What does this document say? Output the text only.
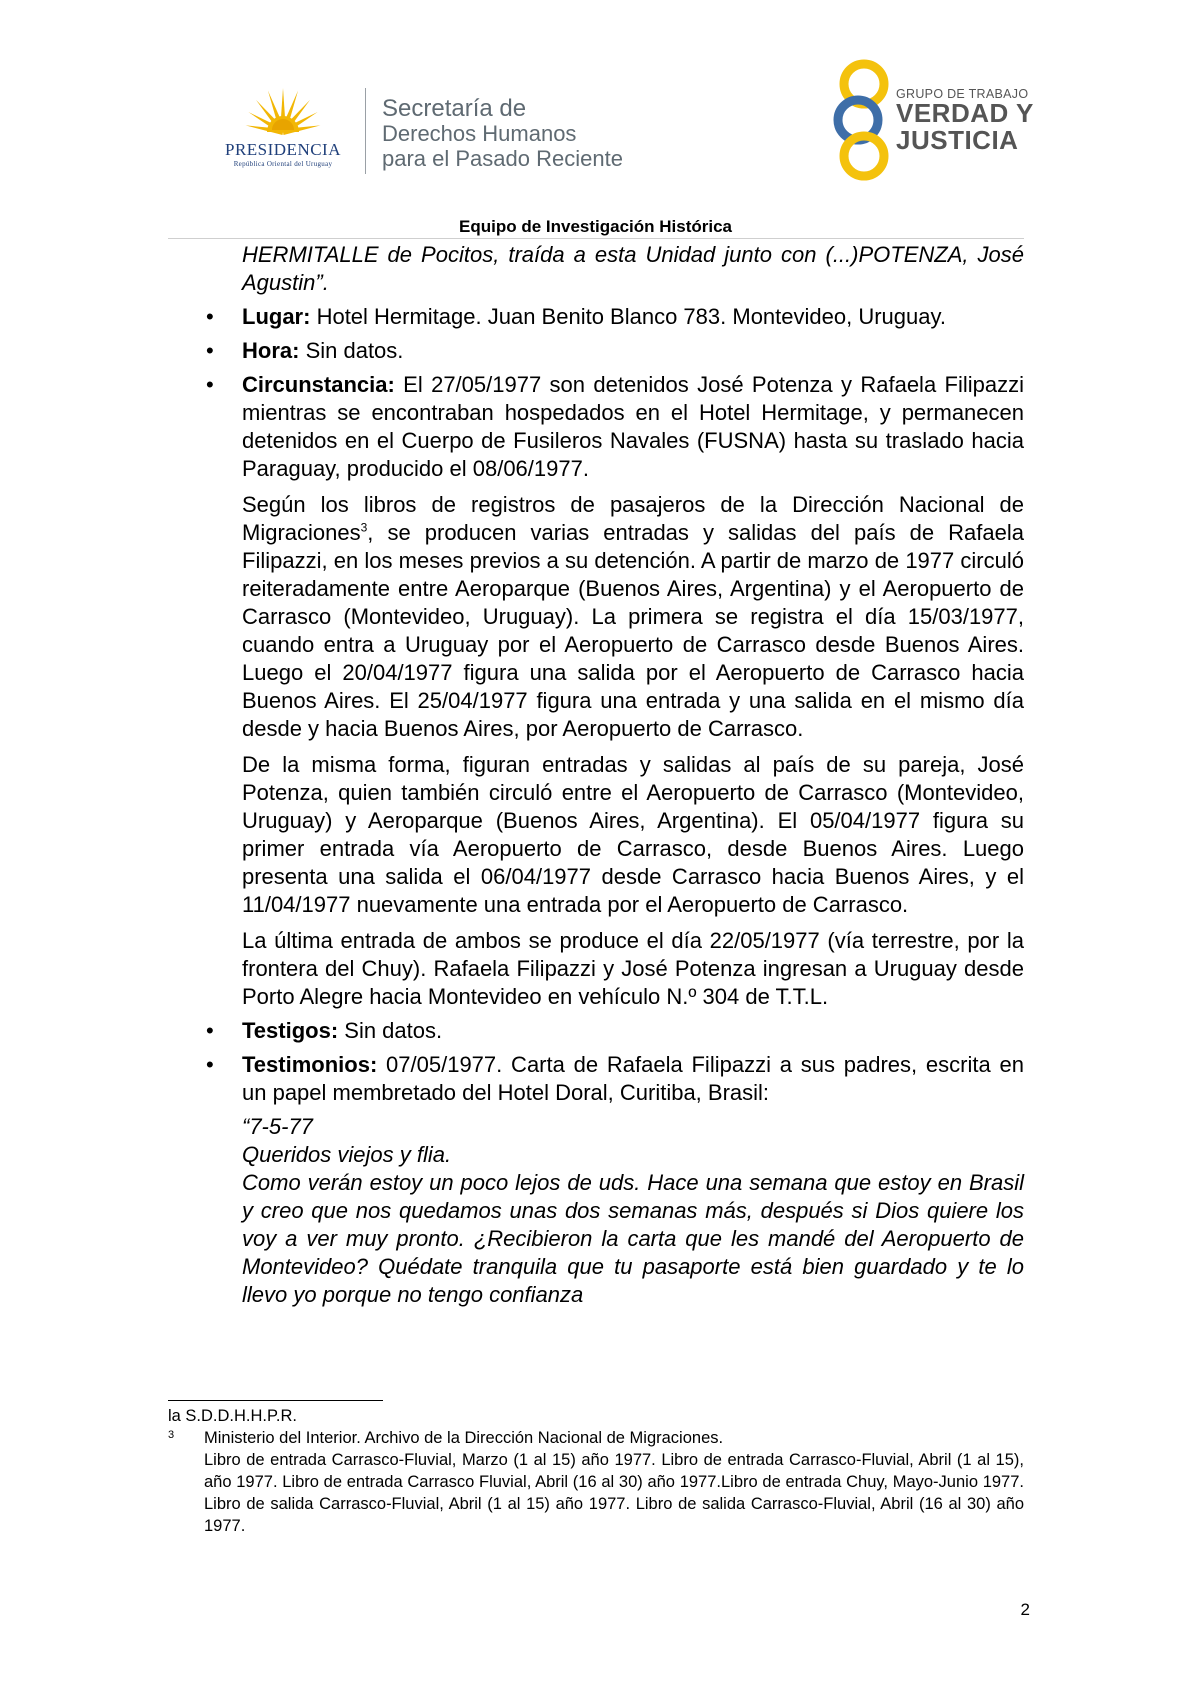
PRESIDENCIA
República Oriental del Uruguay
Secretaría de
Derechos Humanos
para el Pasado Reciente
GRUPO DE TRABAJO
VERDAD Y
JUSTICIA
Equipo de Investigación Histórica

HERMITALLE de Pocitos, traída a esta Unidad junto con (...)POTENZA, José Agustin”.

• Lugar: Hotel Hermitage. Juan Benito Blanco 783. Montevideo, Uruguay.

• Hora: Sin datos.

• Circunstancia: El 27/05/1977 son detenidos José Potenza y Rafaela Filipazzi mientras se encontraban hospedados en el Hotel Hermitage, y permanecen detenidos en el Cuerpo de Fusileros Navales (FUSNA) hasta su traslado hacia Paraguay, producido el 08/06/1977.

Según los libros de registros de pasajeros de la Dirección Nacional de Migraciones$^3$, se producen varias entradas y salidas del país de Rafaela Filipazzi, en los meses previos a su detención. A partir de marzo de 1977 circuló reiteradamente entre Aeroparque (Buenos Aires, Argentina) y el Aeropuerto de Carrasco (Montevideo, Uruguay). La primera se registra el día 15/03/1977, cuando entra a Uruguay por el Aeropuerto de Carrasco desde Buenos Aires. Luego el 20/04/1977 figura una salida por el Aeropuerto de Carrasco hacia Buenos Aires. El 25/04/1977 figura una entrada y una salida en el mismo día desde y hacia Buenos Aires, por Aeropuerto de Carrasco.

De la misma forma, figuran entradas y salidas al país de su pareja, José Potenza, quien también circuló entre el Aeropuerto de Carrasco (Montevideo, Uruguay) y Aeroparque (Buenos Aires, Argentina). El 05/04/1977 figura su primer entrada vía Aeropuerto de Carrasco, desde Buenos Aires. Luego presenta una salida el 06/04/1977 desde Carrasco hacia Buenos Aires, y el 11/04/1977 nuevamente una entrada por el Aeropuerto de Carrasco.

La última entrada de ambos se produce el día 22/05/1977 (vía terrestre, por la frontera del Chuy). Rafaela Filipazzi y José Potenza ingresan a Uruguay desde Porto Alegre hacia Montevideo en vehículo N.º 304 de T.T.L.

• Testigos: Sin datos.

• Testimonios: 07/05/1977. Carta de Rafaela Filipazzi a sus padres, escrita en un papel membretado del Hotel Doral, Curitiba, Brasil:

“7-5-77

Queridos viejos y flia.

Como verán estoy un poco lejos de uds. Hace una semana que estoy en Brasil y creo que nos quedamos unas dos semanas más, después si Dios quiere los voy a ver muy pronto. ¿Recibieron la carta que les mandé del Aeropuerto de Montevideo? Quédate tranquila que tu pasaporte está bien guardado y te lo llevo yo porque no tengo confianza

la S.D.D.H.H.P.R.

3 Ministerio del Interior. Archivo de la Dirección Nacional de Migraciones.

Libro de entrada Carrasco-Fluvial, Marzo (1 al 15) año 1977. Libro de entrada Carrasco-Fluvial, Abril (1 al 15), año 1977. Libro de entrada Carrasco Fluvial, Abril (16 al 30) año 1977.Libro de entrada Chuy, Mayo-Junio 1977. Libro de salida Carrasco-Fluvial, Abril (1 al 15) año 1977. Libro de salida Carrasco-Fluvial, Abril (16 al 30) año 1977.

2
